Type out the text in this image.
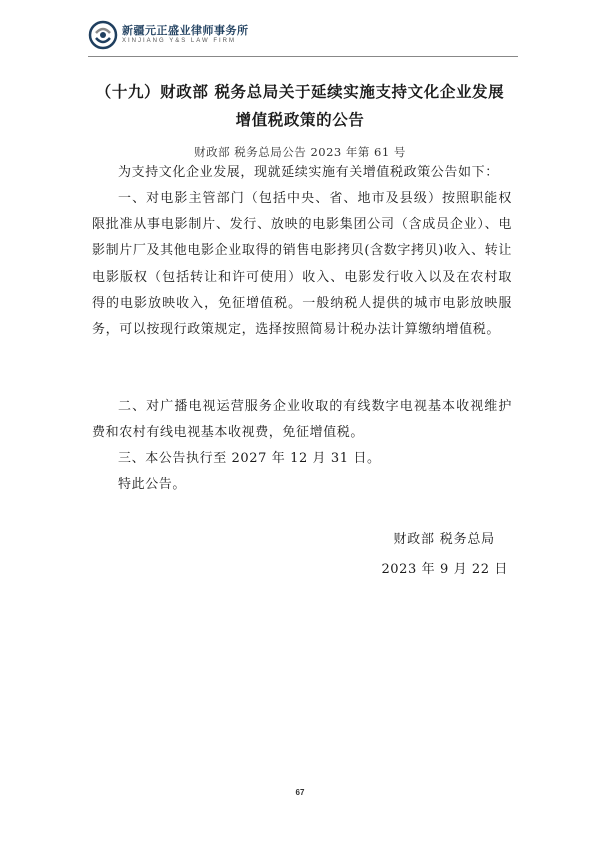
新疆元正盛业律师事务所
XINJIANG Y&S LAW FIRM
（十九）财政部 税务总局关于延续实施支持文化企业发展
增值税政策的公告
财政部 税务总局公告 2023 年第 61 号

为支持文化企业发展，现就延续实施有关增值税政策公告如下：

一、对电影主管部门（包括中央、省、地市及县级）按照职能权限批准从事电影制片、发行、放映的电影集团公司（含成员企业）、电影制片厂及其他电影企业取得的销售电影拷贝(含数字拷贝)收入、转让电影版权（包括转让和许可使用）收入、电影发行收入以及在农村取得的电影放映收入，免征增值税。一般纳税人提供的城市电影放映服务，可以按现行政策规定，选择按照简易计税办法计算缴纳增值税。

二、对广播电视运营服务企业收取的有线数字电视基本收视维护费和农村有线电视基本收视费，免征增值税。

三、本公告执行至 2027 年 12 月 31 日。

特此公告。

财政部 税务总局
2023 年 9 月 22 日
67
